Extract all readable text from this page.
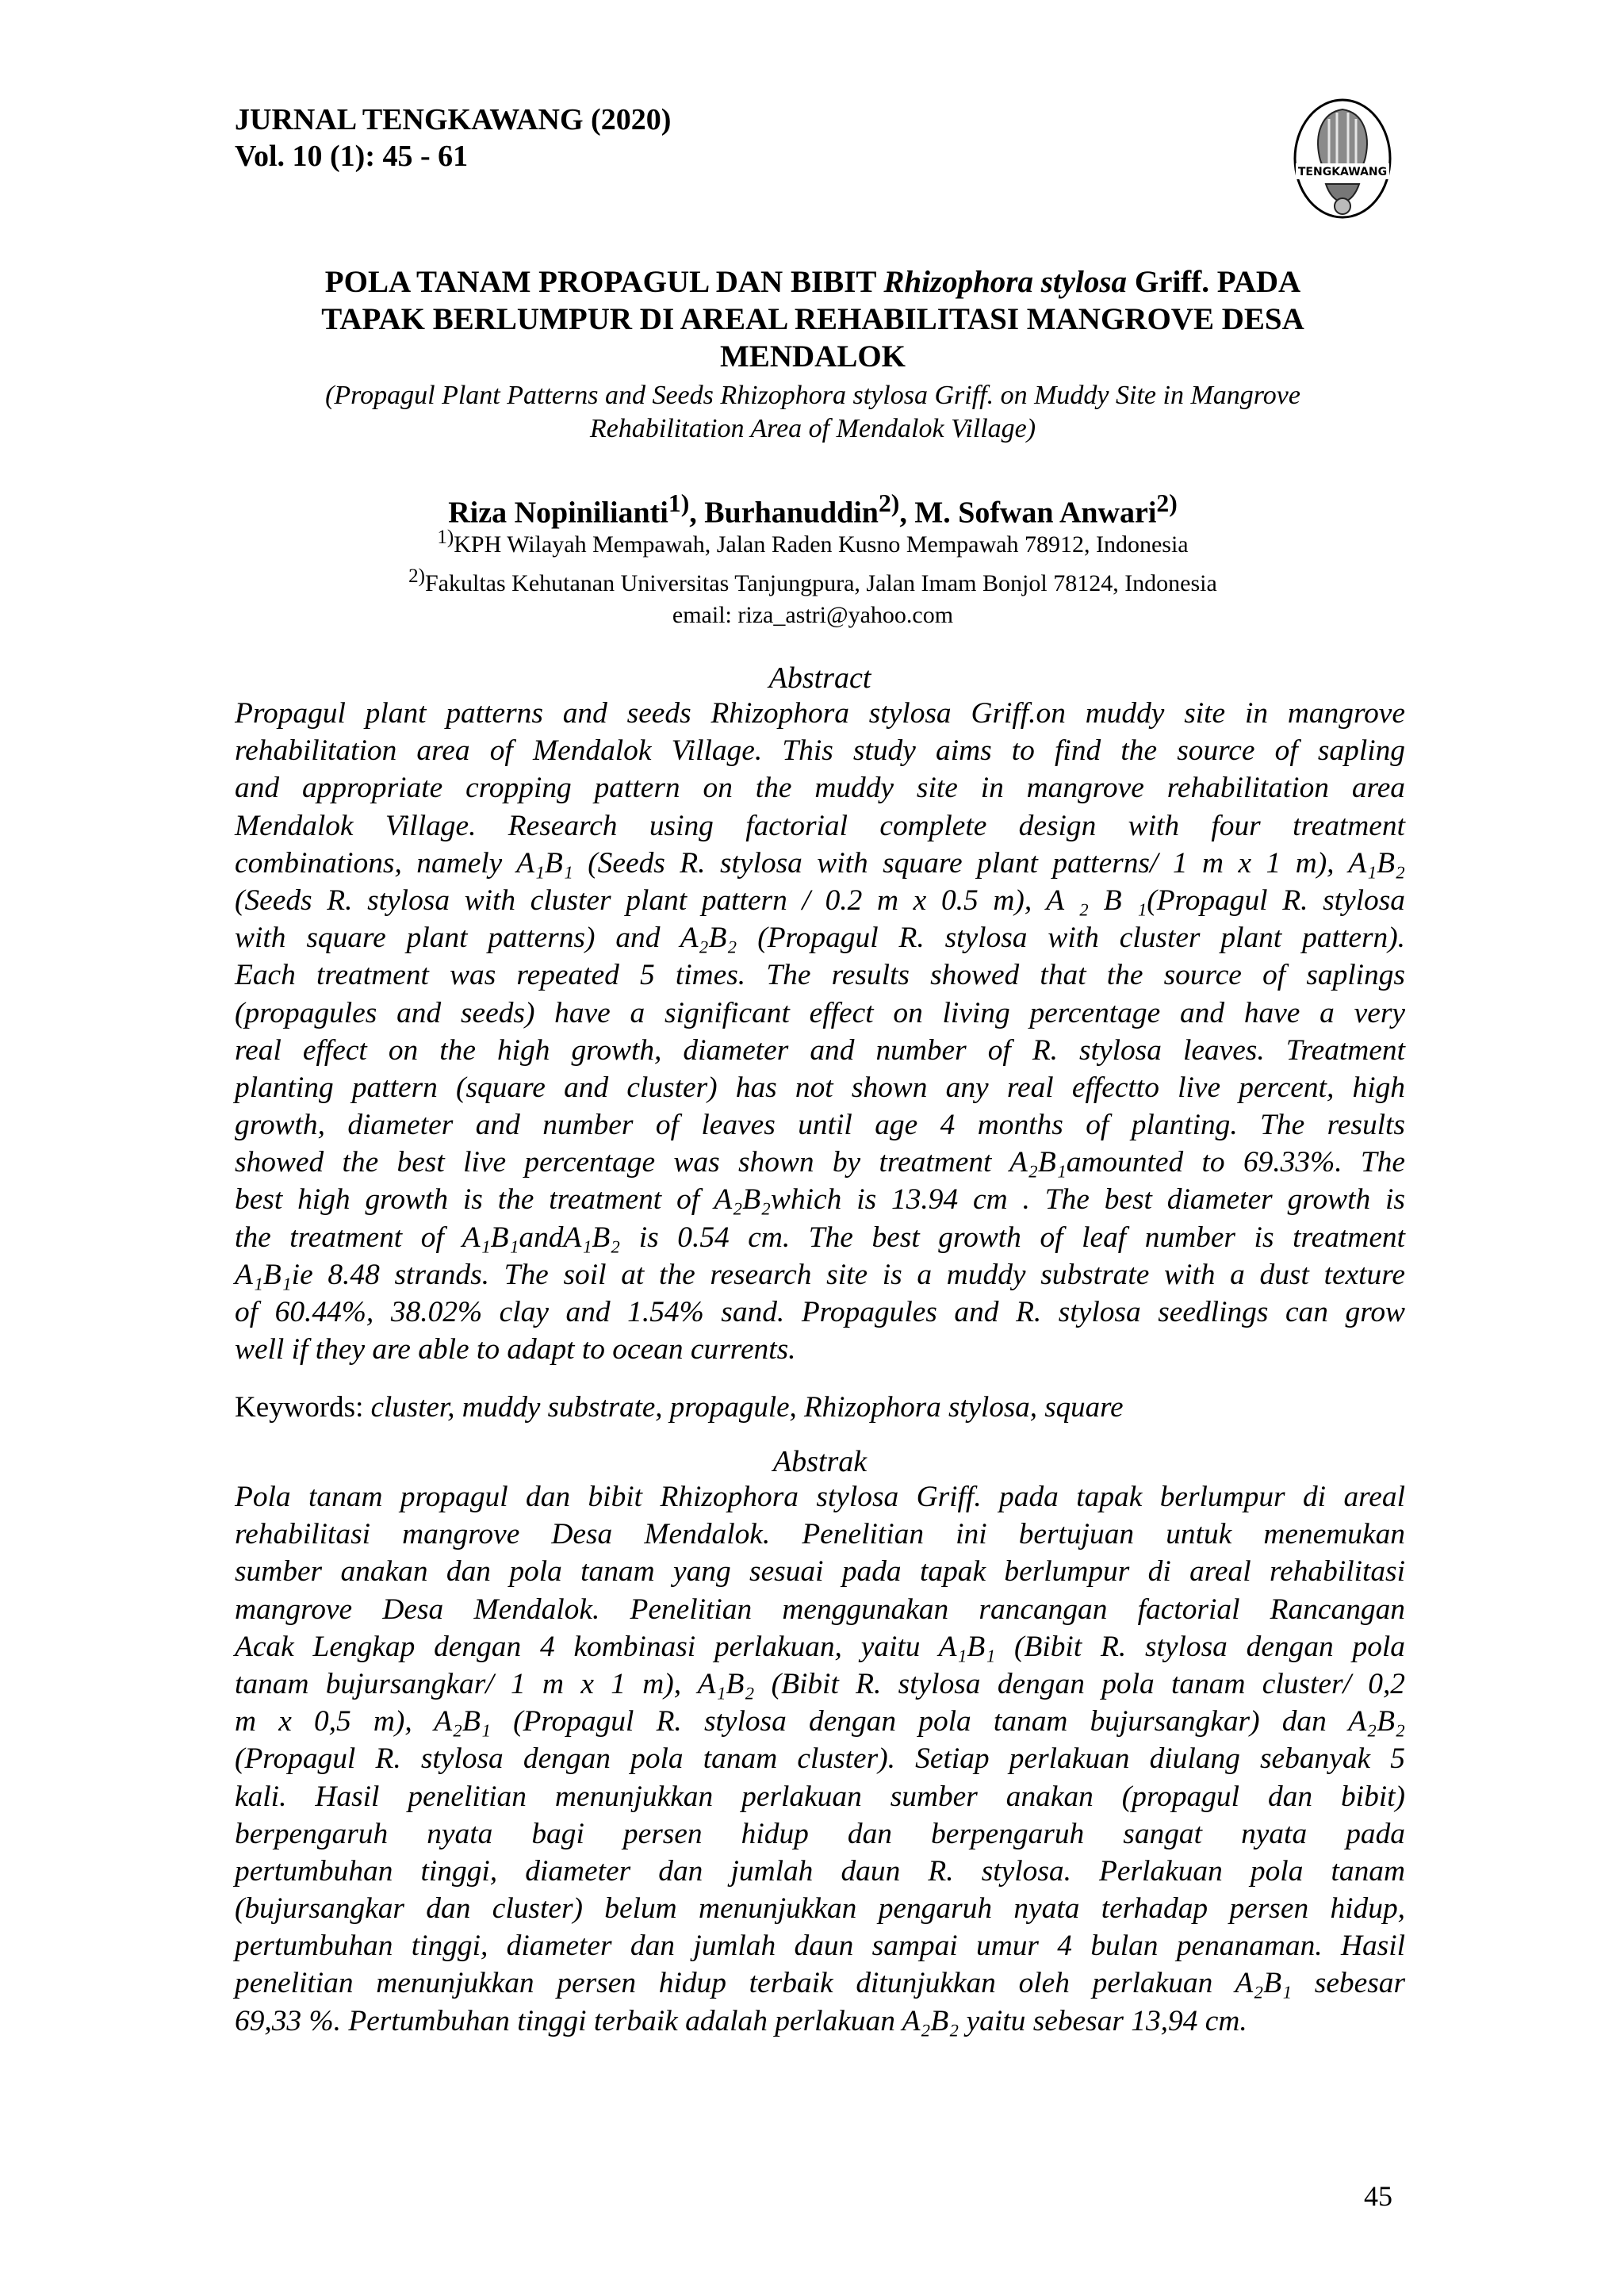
JURNAL TENGKAWANG (2020)
Vol. 10 (1): 45 - 61	TENGKAWANG
POLA TANAM PROPAGUL DAN BIBIT Rhizophora stylosa Griff. PADA
TAPAK BERLUMPUR DI AREAL REHABILITASI MANGROVE DESA
MENDALOK
(Propagul Plant Patterns and Seeds Rhizophora stylosa Griff. on Muddy Site in Mangrove
Rehabilitation Area of Mendalok Village)
Riza Nopinilianti$^{1)}$, Burhanuddin$^{2)}$, M. Sofwan Anwari$^{2)}$
$^{1)}$KPH Wilayah Mempawah, Jalan Raden Kusno Mempawah 78912, Indonesia
$^{2)}$Fakultas Kehutanan Universitas Tanjungpura, Jalan Imam Bonjol 78124, Indonesia
email: riza_astri@yahoo.com
Abstract
Propagul plant patterns and seeds Rhizophora stylosa Griff.on muddy site in mangrove
rehabilitation area of Mendalok Village. This study aims to find the source of sapling
and appropriate cropping pattern on the muddy site in mangrove rehabilitation area
Mendalok Village. Research using factorial complete design with four treatment
combinations, namely A₁B₁ (Seeds R. stylosa with square plant patterns/ 1 m x 1 m), A₁B₂
(Seeds R. stylosa with cluster plant pattern / 0.2 m x 0.5 m), A ₂ B ₁(Propagul R. stylosa
with square plant patterns) and A₂B₂ (Propagul R. stylosa with cluster plant pattern).
Each treatment was repeated 5 times. The results showed that the source of saplings
(propagules and seeds) have a significant effect on living percentage and have a very
real effect on the high growth, diameter and number of R. stylosa leaves. Treatment
planting pattern (square and cluster) has not shown any real effectto live percent, high
growth, diameter and number of leaves until age 4 months of planting. The results
showed the best live percentage was shown by treatment A₂B₁amounted to 69.33%. The
best high growth is the treatment of A₂B₂which is 13.94 cm . The best diameter growth is
the treatment of A₁B₁andA₁B₂ is 0.54 cm. The best growth of leaf number is treatment
A₁B₁ie 8.48 strands. The soil at the research site is a muddy substrate with a dust texture
of 60.44%, 38.02% clay and 1.54% sand. Propagules and R. stylosa seedlings can grow
well if they are able to adapt to ocean currents.
Keywords: cluster, muddy substrate, propagule, Rhizophora stylosa, square
Abstrak
Pola tanam propagul dan bibit Rhizophora stylosa Griff. pada tapak berlumpur di areal
rehabilitasi mangrove Desa Mendalok. Penelitian ini bertujuan untuk menemukan
sumber anakan dan pola tanam yang sesuai pada tapak berlumpur di areal rehabilitasi
mangrove Desa Mendalok. Penelitian menggunakan rancangan factorial Rancangan
Acak Lengkap dengan 4 kombinasi perlakuan, yaitu A₁B₁ (Bibit R. stylosa dengan pola
tanam bujursangkar/ 1 m x 1 m), A₁B₂ (Bibit R. stylosa dengan pola tanam cluster/ 0,2
m x 0,5 m), A₂B₁ (Propagul R. stylosa dengan pola tanam bujursangkar) dan A₂B₂
(Propagul R. stylosa dengan pola tanam cluster). Setiap perlakuan diulang sebanyak 5
kali. Hasil penelitian menunjukkan perlakuan sumber anakan (propagul dan bibit)
berpengaruh nyata bagi persen hidup dan berpengaruh sangat nyata pada
pertumbuhan tinggi, diameter dan jumlah daun R. stylosa. Perlakuan pola tanam
(bujursangkar dan cluster) belum menunjukkan pengaruh nyata terhadap persen hidup,
pertumbuhan tinggi, diameter dan jumlah daun sampai umur 4 bulan penanaman. Hasil
penelitian menunjukkan persen hidup terbaik ditunjukkan oleh perlakuan A₂B₁ sebesar
69,33 %. Pertumbuhan tinggi terbaik adalah perlakuan A₂B₂ yaitu sebesar 13,94 cm.
45
